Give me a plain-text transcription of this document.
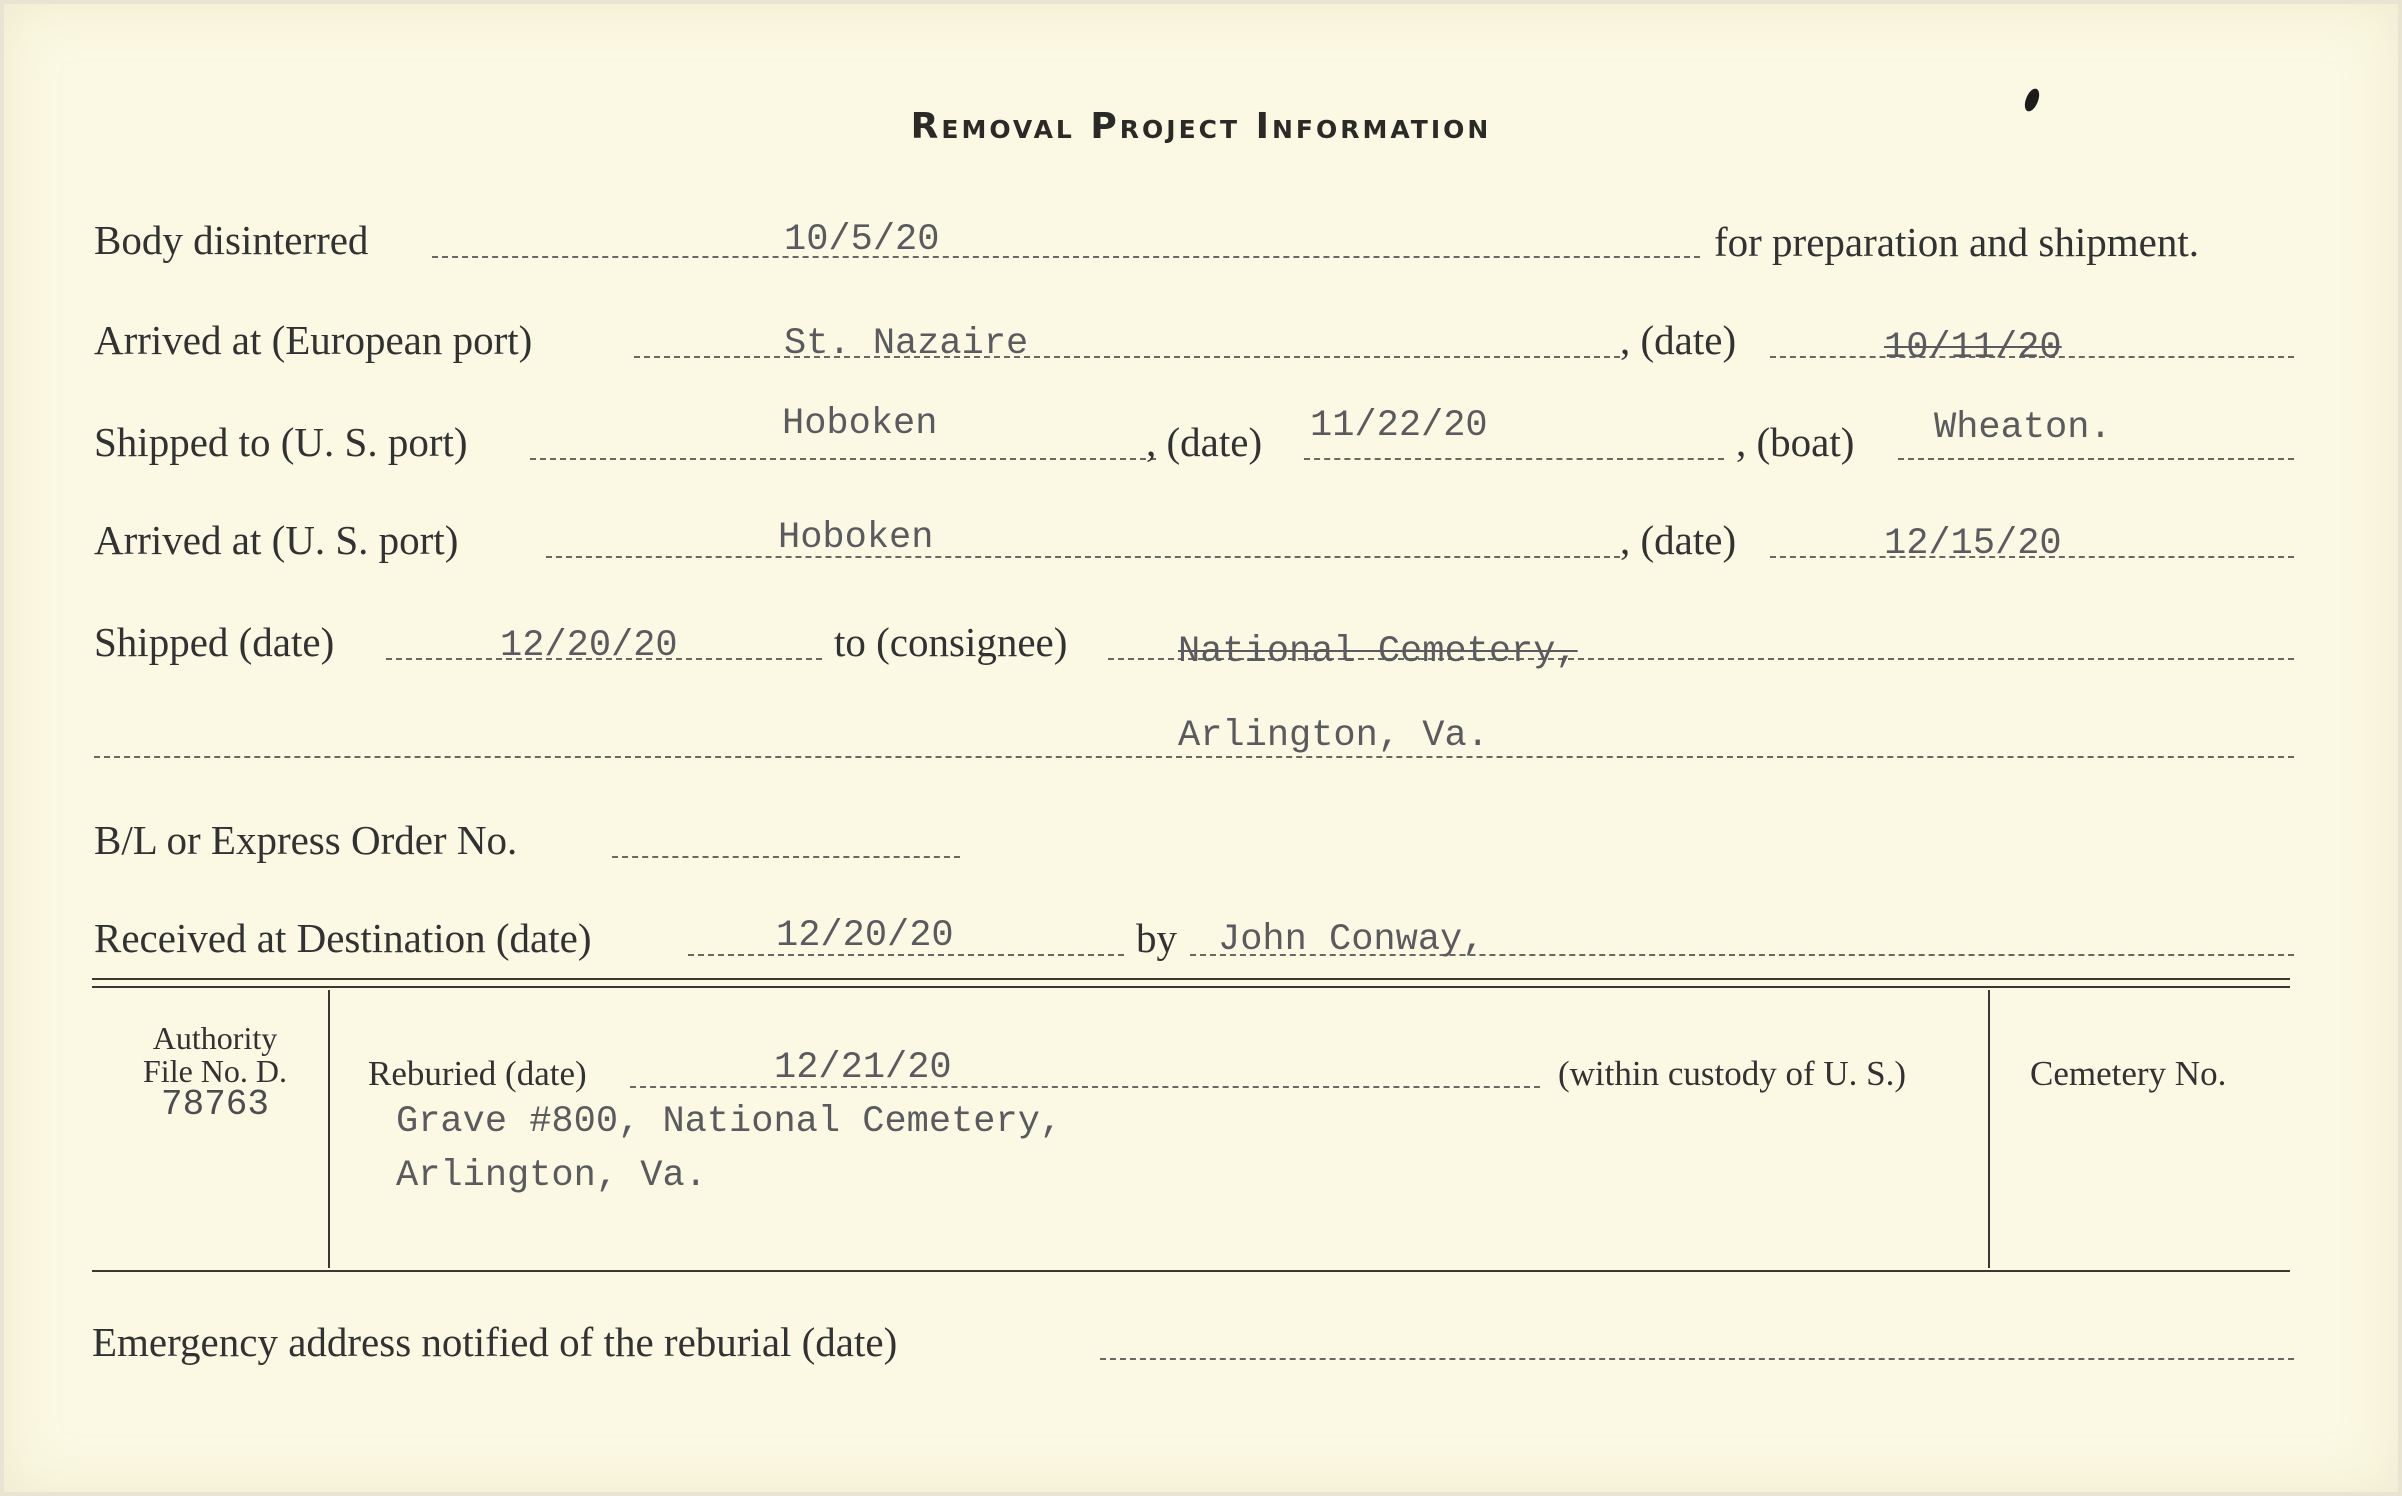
Removal Project Information
Body disinterred	10/5/20	for preparation and shipment.
Arrived at (European port)	St. Nazaire	, (date)	10/11/20
Shipped to (U. S. port)	Hoboken	, (date) 11/22/20	, (boat) Wheaton.
Arrived at (U. S. port)	Hoboken	, (date)	12/15/20
Shipped (date)	12/20/20	to (consignee)	National Cemetery,
Arlington, Va.
B/L or Express Order No.
Received at Destination (date)	12/20/20	by John Conway,
Authority
File No. D.
78763
Reburied (date)	12/21/20	(within custody of U. S.)
Grave #800, National Cemetery,
Arlington, Va.
Cemetery No.
Emergency address notified of the reburial (date)
